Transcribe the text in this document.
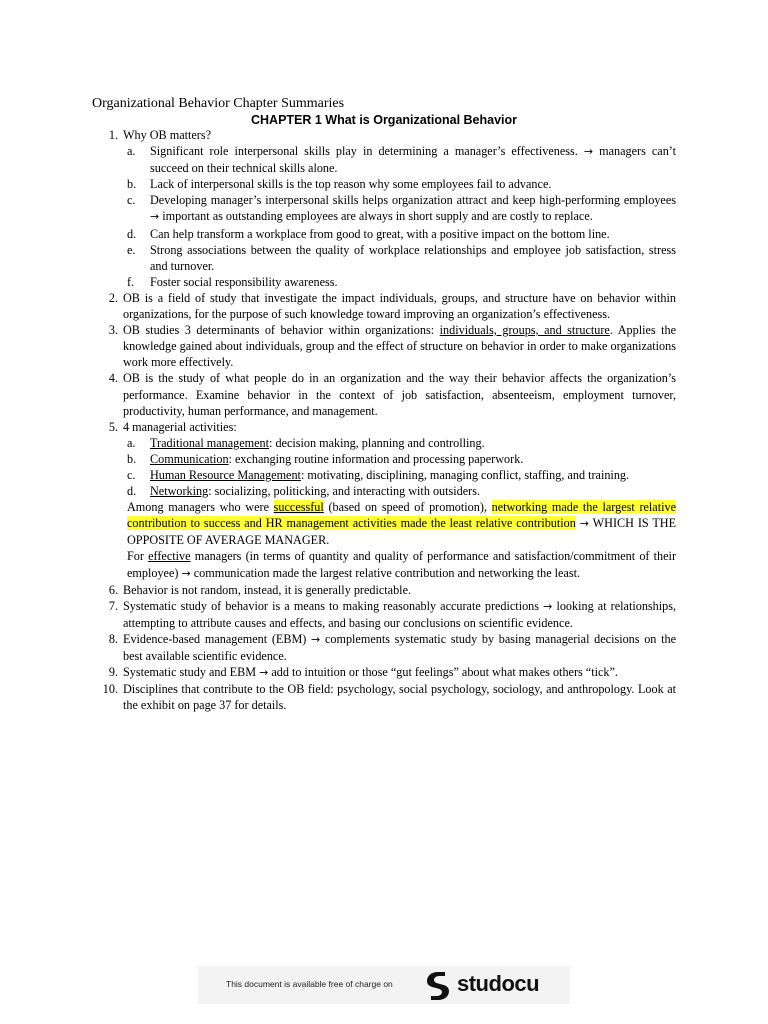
Organizational Behavior Chapter Summaries
CHAPTER 1 What is Organizational Behavior
1. Why OB matters?
a. Significant role interpersonal skills play in determining a manager’s effectiveness. → managers can’t succeed on their technical skills alone.
b. Lack of interpersonal skills is the top reason why some employees fail to advance.
c. Developing manager’s interpersonal skills helps organization attract and keep high-performing employees → important as outstanding employees are always in short supply and are costly to replace.
d. Can help transform a workplace from good to great, with a positive impact on the bottom line.
e. Strong associations between the quality of workplace relationships and employee job satisfaction, stress and turnover.
f. Foster social responsibility awareness.
2. OB is a field of study that investigate the impact individuals, groups, and structure have on behavior within organizations, for the purpose of such knowledge toward improving an organization’s effectiveness.
3. OB studies 3 determinants of behavior within organizations: individuals, groups, and structure. Applies the knowledge gained about individuals, group and the effect of structure on behavior in order to make organizations work more effectively.
4. OB is the study of what people do in an organization and the way their behavior affects the organization’s performance. Examine behavior in the context of job satisfaction, absenteeism, employment turnover, productivity, human performance, and management.
5. 4 managerial activities:
a. Traditional management: decision making, planning and controlling.
b. Communication: exchanging routine information and processing paperwork.
c. Human Resource Management: motivating, disciplining, managing conflict, staffing, and training.
d. Networking: socializing, politicking, and interacting with outsiders.
Among managers who were successful (based on speed of promotion), networking made the largest relative contribution to success and HR management activities made the least relative contribution → WHICH IS THE OPPOSITE OF AVERAGE MANAGER.
For effective managers (in terms of quantity and quality of performance and satisfaction/commitment of their employee) → communication made the largest relative contribution and networking the least.
6. Behavior is not random, instead, it is generally predictable.
7. Systematic study of behavior is a means to making reasonably accurate predictions → looking at relationships, attempting to attribute causes and effects, and basing our conclusions on scientific evidence.
8. Evidence-based management (EBM) → complements systematic study by basing managerial decisions on the best available scientific evidence.
9. Systematic study and EBM → add to intuition or those “gut feelings” about what makes others “tick”.
10. Disciplines that contribute to the OB field: psychology, social psychology, sociology, and anthropology. Look at the exhibit on page 37 for details.
This document is available free of charge on	studocu
